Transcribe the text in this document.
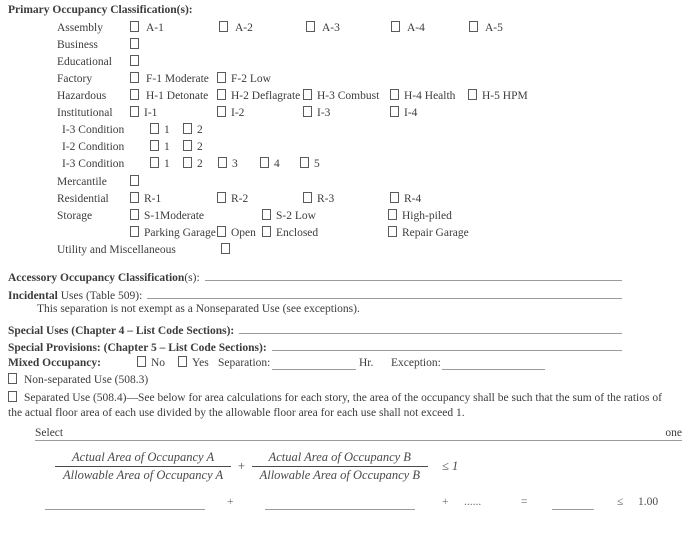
Primary Occupancy Classification(s):
Assembly	A-1	A-2	A-3	A-4	A-5
Business
Educational
Factory	F-1 Moderate	F-2 Low
Hazardous	H-1 Detonate	H-2 Deflagrate	H-3 Combust	H-4 Health	H-5 HPM
Institutional	I-1	I-2	I-3	I-4
I-3 Condition	1	2
I-2 Condition	1	2
I-3 Condition	1	2	3	4	5
Mercantile
Residential	R-1	R-2	R-3	R-4
Storage	S-1Moderate	S-2 Low	High-piled
Parking Garage	Open	Enclosed	Repair Garage
Utility and Miscellaneous
Accessory Occupancy Classification(s):
Incidental Uses (Table 509):
This separation is not exempt as a Nonseparated Use (see exceptions).
Special Uses (Chapter 4 – List Code Sections):
Special Provisions: (Chapter 5 – List Code Sections):
Mixed Occupancy:	No	Yes Separation:	Hr. Exception:
Non-separated Use (508.3)
Separated Use (508.4)—See below for area calculations for each story, the area of the occupancy shall be such that the sum of the ratios of the actual floor area of each use divided by the allowable floor area for each use shall not exceed 1.
Select	one
$\frac{\text{Actual Area of Occupancy A}}{\text{Allowable Area of Occupancy A}} + \frac{\text{Actual Area of Occupancy B}}{\text{Allowable Area of Occupancy B}} \le 1$
+	+ ......	=	≤ 1.00
